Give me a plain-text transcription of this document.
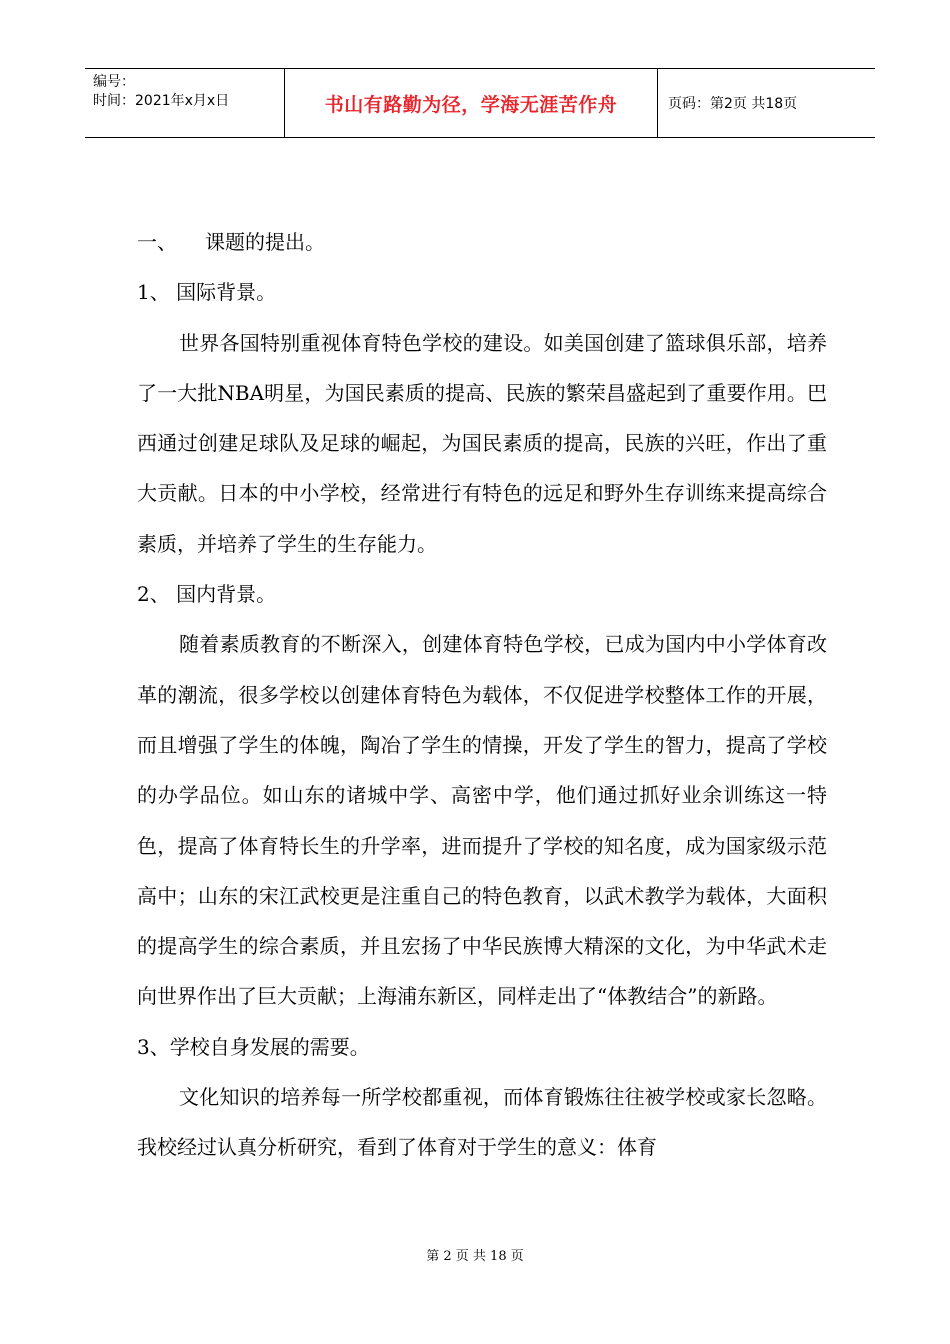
编号：
时间：2021年x月x日	书山有路勤为径，学海无涯苦作舟	页码：第2页 共18页

一、 课题的提出。

1、 国际背景。

世界各国特别重视体育特色学校的建设。如美国创建了篮球俱乐部，培养了一大批NBA明星，为国民素质的提高、民族的繁荣昌盛起到了重要作用。巴西通过创建足球队及足球的崛起，为国民素质的提高，民族的兴旺，作出了重大贡献。日本的中小学校，经常进行有特色的远足和野外生存训练来提高综合素质，并培养了学生的生存能力。

2、 国内背景。

随着素质教育的不断深入，创建体育特色学校，已成为国内中小学体育改革的潮流，很多学校以创建体育特色为载体，不仅促进学校整体工作的开展，而且增强了学生的体魄，陶冶了学生的情操，开发了学生的智力，提高了学校的办学品位。如山东的诸城中学、高密中学，他们通过抓好业余训练这一特色，提高了体育特长生的升学率，进而提升了学校的知名度，成为国家级示范高中；山东的宋江武校更是注重自己的特色教育，以武术教学为载体，大面积的提高学生的综合素质，并且宏扬了中华民族博大精深的文化，为中华武术走向世界作出了巨大贡献；上海浦东新区，同样走出了“体教结合”的新路。

3、学校自身发展的需要。

文化知识的培养每一所学校都重视，而体育锻炼往往被学校或家长忽略。我校经过认真分析研究，看到了体育对于学生的意义：体育

第 2 页 共 18 页
